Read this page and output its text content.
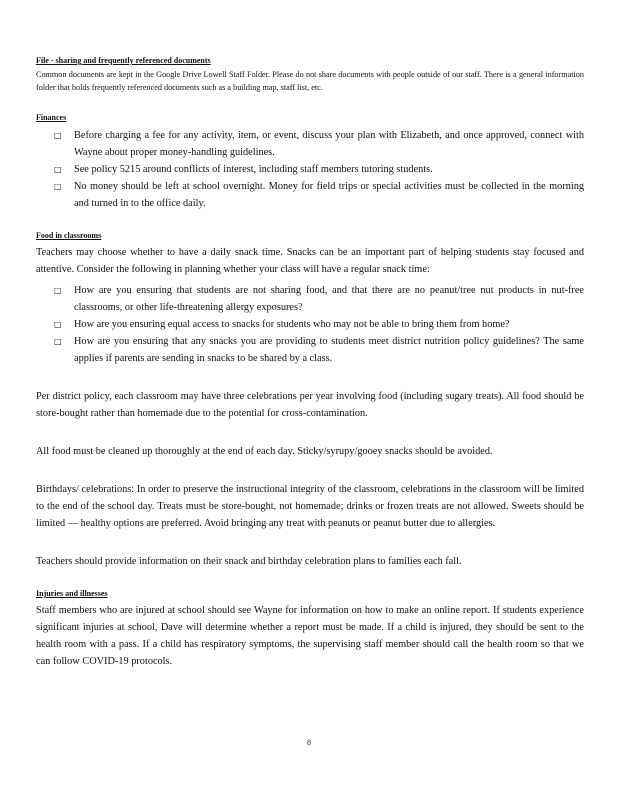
File - sharing and frequently referenced documents

Common documents are kept in the Google Drive Lowell Staff Folder. Please do not share documents with people outside of our staff. There is a general information folder that holds frequently referenced documents such as a building map, staff list, etc.

Finances

□ Before charging a fee for any activity, item, or event, discuss your plan with Elizabeth, and once approved, connect with Wayne about proper money-handling guidelines.
□ See policy 5215 around conflicts of interest, including staff members tutoring students.
□ No money should be left at school overnight. Money for field trips or special activities must be collected in the morning and turned in to the office daily.

Food in classrooms

Teachers may choose whether to have a daily snack time. Snacks can be an important part of helping students stay focused and attentive. Consider the following in planning whether your class will have a regular snack time:

□ How are you ensuring that students are not sharing food, and that there are no peanut/tree nut products in nut-free classrooms, or other life-threatening allergy exposures?
□ How are you ensuring equal access to snacks for students who may not be able to bring them from home?
□ How are you ensuring that any snacks you are providing to students meet district nutrition policy guidelines? The same applies if parents are sending in snacks to be shared by a class.

Per district policy, each classroom may have three celebrations per year involving food (including sugary treats). All food should be store-bought rather than homemade due to the potential for cross-contamination.

All food must be cleaned up thoroughly at the end of each day. Sticky/syrupy/gooey snacks should be avoided.

Birthdays/ celebrations: In order to preserve the instructional integrity of the classroom, celebrations in the classroom will be limited to the end of the school day. Treats must be store-bought, not homemade; drinks or frozen treats are not allowed. Sweets should be limited — healthy options are preferred. Avoid bringing any treat with peanuts or peanut butter due to allergies.

Teachers should provide information on their snack and birthday celebration plans to families each fall.

Injuries and illnesses

Staff members who are injured at school should see Wayne for information on how to make an online report. If students experience significant injuries at school, Dave will determine whether a report must be made. If a child is injured, they should be sent to the health room with a pass. If a child has respiratory symptoms, the supervising staff member should call the health room so that we can follow COVID-19 protocols.

8
